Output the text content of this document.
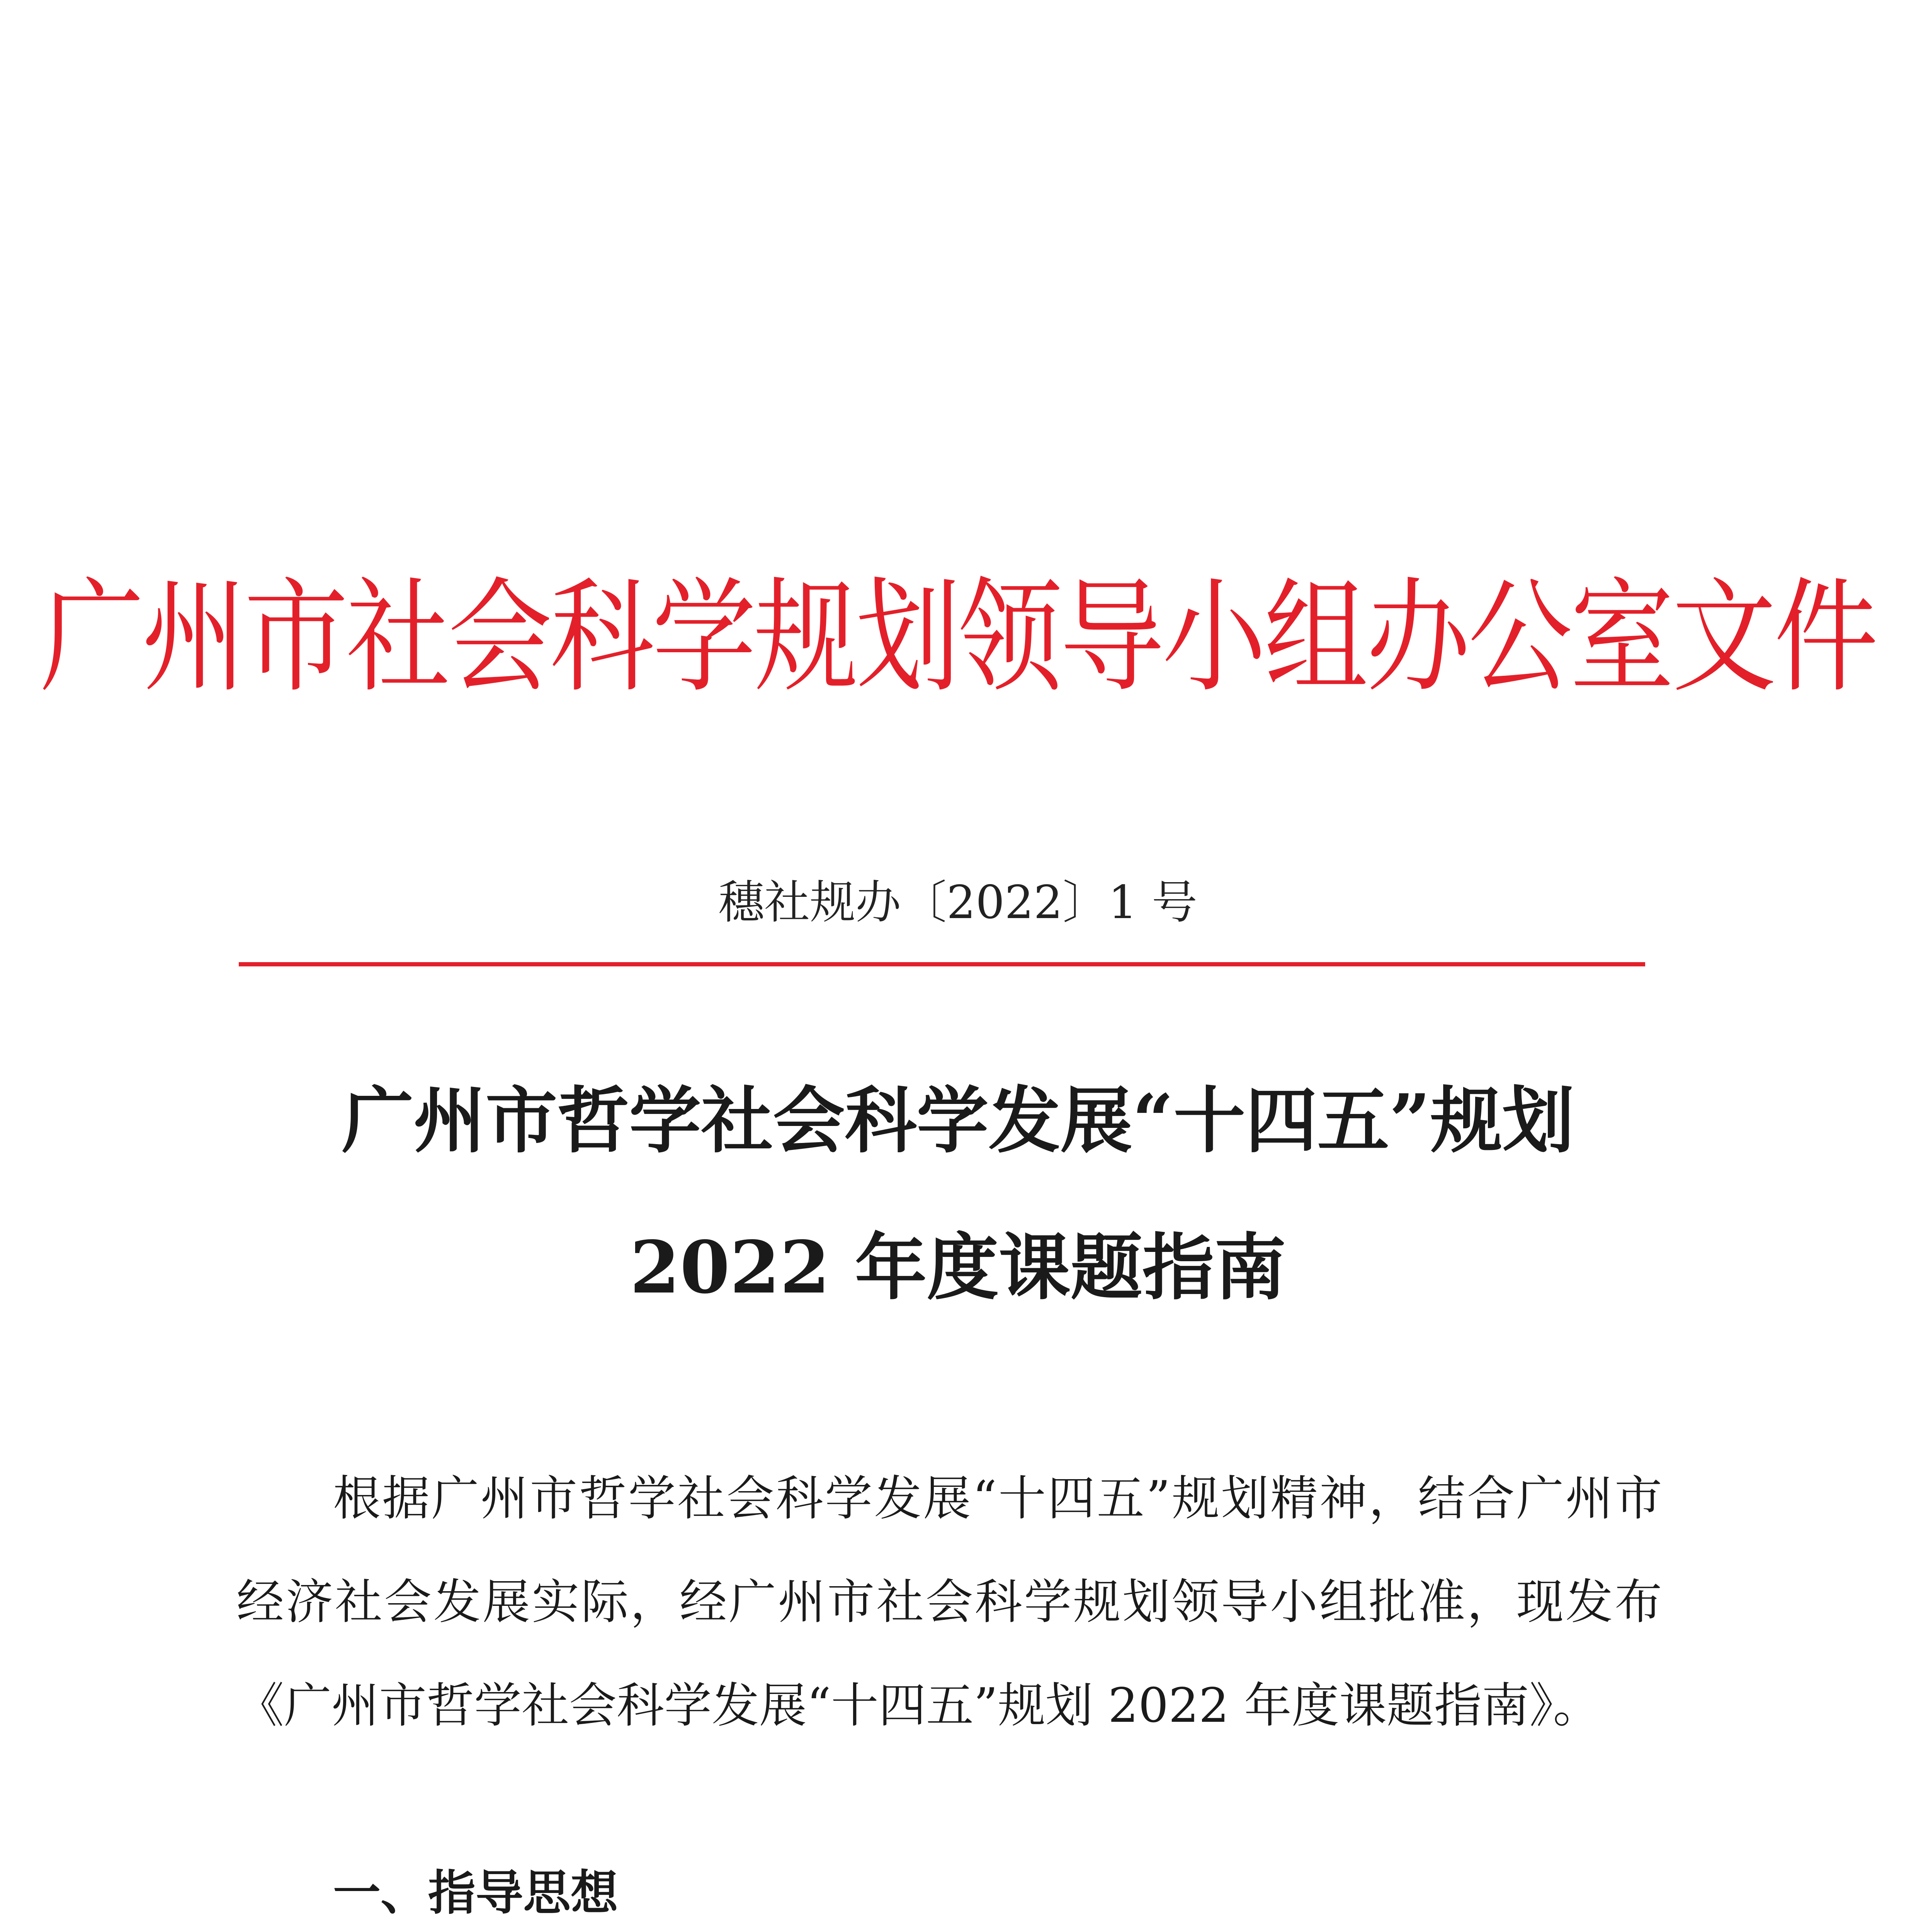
广州市社会科学规划领导小组办公室文件
穗社规办〔2022〕1 号
广州市哲学社会科学发展“十四五”规划
2022 年度课题指南
根据广州市哲学社会科学发展“十四五”规划精神，结合广州市经济社会发展实际，经广州市社会科学规划领导小组批准，现发布《广州市哲学社会科学发展“十四五”规划 2022 年度课题指南》。
一、指导思想
